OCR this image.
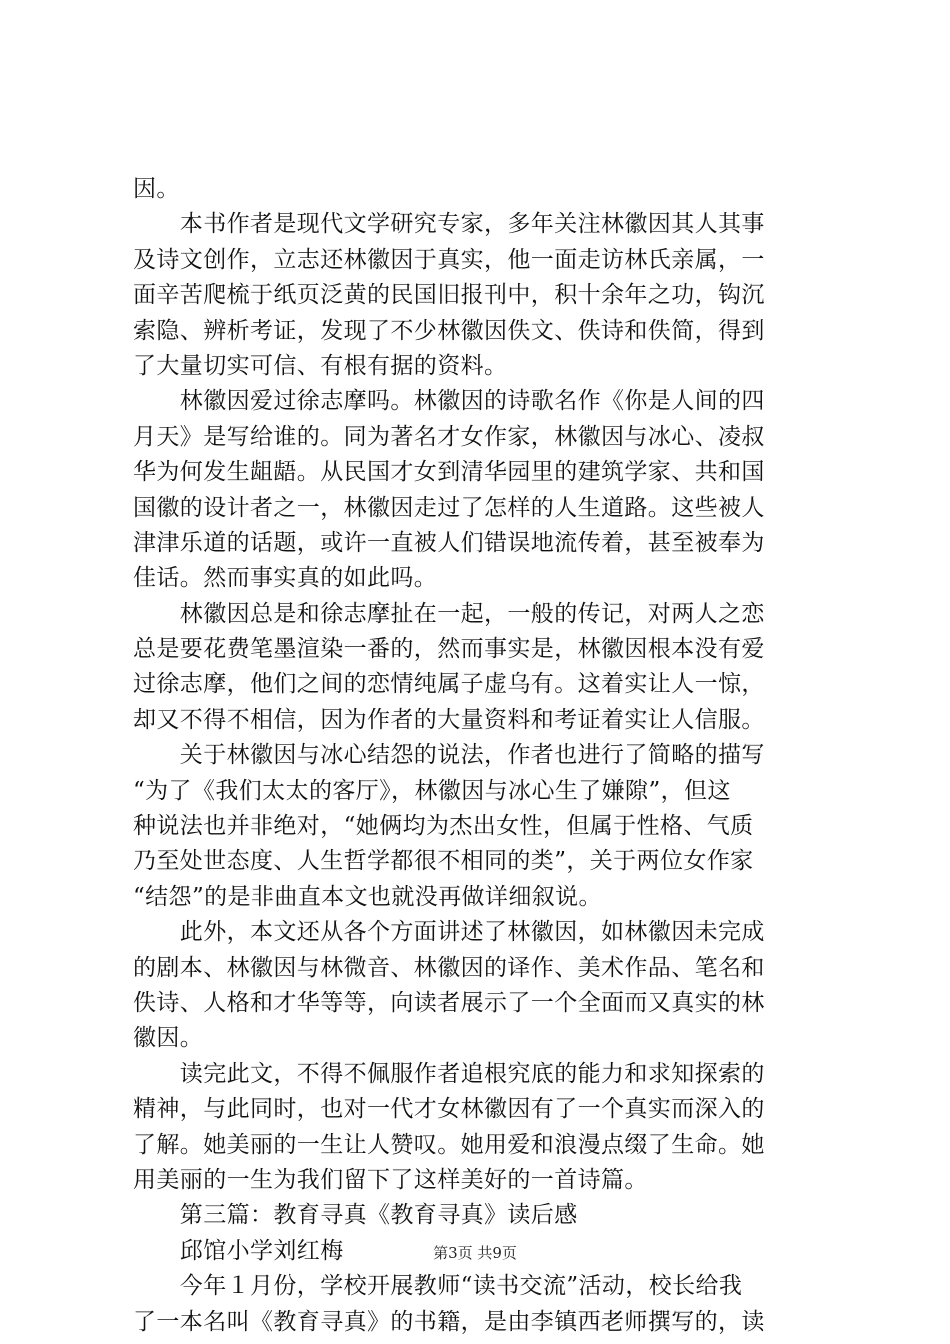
因。
　　本书作者是现代文学研究专家，多年关注林徽因其人其事
及诗文创作，立志还林徽因于真实，他一面走访林氏亲属，一
面辛苦爬梳于纸页泛黄的民国旧报刊中，积十余年之功，钩沉
索隐、辨析考证，发现了不少林徽因佚文、佚诗和佚简，得到
了大量切实可信、有根有据的资料。
　　林徽因爱过徐志摩吗。林徽因的诗歌名作《你是人间的四
月天》是写给谁的。同为著名才女作家，林徽因与冰心、凌叔
华为何发生龃龉。从民国才女到清华园里的建筑学家、共和国
国徽的设计者之一，林徽因走过了怎样的人生道路。这些被人
津津乐道的话题，或许一直被人们错误地流传着，甚至被奉为
佳话。然而事实真的如此吗。
　　林徽因总是和徐志摩扯在一起，一般的传记，对两人之恋
总是要花费笔墨渲染一番的，然而事实是，林徽因根本没有爱
过徐志摩，他们之间的恋情纯属子虚乌有。这着实让人一惊，
却又不得不相信，因为作者的大量资料和考证着实让人信服。
　　关于林徽因与冰心结怨的说法，作者也进行了简略的描写
“为了《我们太太的客厅》，林徽因与冰心生了嫌隙”，但这
种说法也并非绝对，“她俩均为杰出女性，但属于性格、气质
乃至处世态度、人生哲学都很不相同的类”，关于两位女作家
“结怨”的是非曲直本文也就没再做详细叙说。
　　此外，本文还从各个方面讲述了林徽因，如林徽因未完成
的剧本、林徽因与林微音、林徽因的译作、美术作品、笔名和
佚诗、人格和才华等等，向读者展示了一个全面而又真实的林
徽因。
　　读完此文，不得不佩服作者追根究底的能力和求知探索的
精神，与此同时，也对一代才女林徽因有了一个真实而深入的
了解。她美丽的一生让人赞叹。她用爱和浪漫点缀了生命。她
用美丽的一生为我们留下了这样美好的一首诗篇。
　　第三篇：教育寻真《教育寻真》读后感
　　邱馆小学刘红梅
　　今年１月份，学校开展教师“读书交流”活动，校长给我
了一本名叫《教育寻真》的书籍，是由李镇西老师撰写的，读
第3页 共9页
